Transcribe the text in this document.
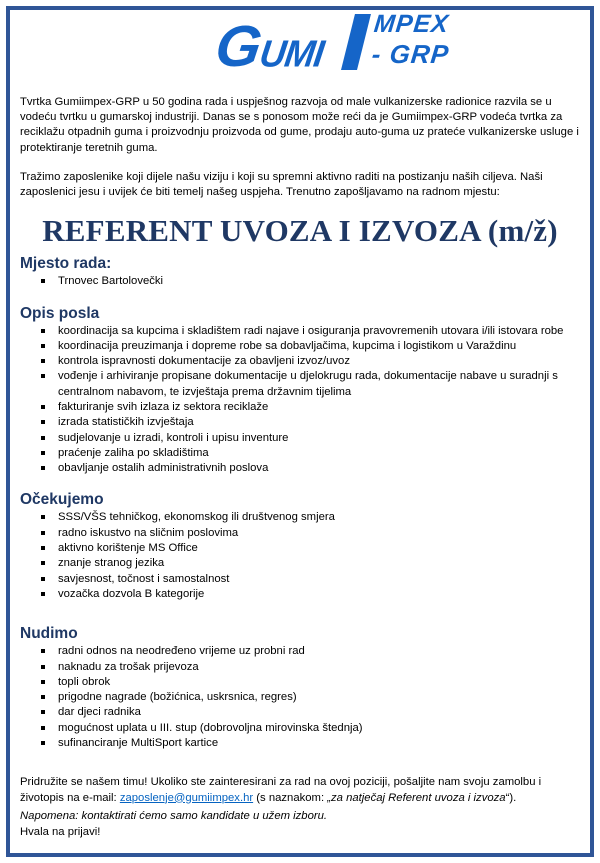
G
UMI
MPEX
- GRP

Tvrtka Gumiimpex-GRP u 50 godina rada i uspješnog razvoja od male vulkanizerske radionice razvila se u vodeću tvrtku u gumarskoj industriji. Danas se s ponosom može reći da je Gumiimpex-GRP vodeća tvrtka za reciklažu otpadnih guma i proizvodnju proizvoda od gume, prodaju auto-guma uz prateće vulkanizerske usluge i protektiranje teretnih guma.

Tražimo zaposlenike koji dijele našu viziju i koji su spremni aktivno raditi na postizanju naših ciljeva. Naši zaposlenici jesu i uvijek će biti temelj našeg uspjeha. Trenutno zapošljavamo na radnom mjestu:

REFERENT UVOZA I IZVOZA (m/ž)
Mjesto rada:
Trnovec Bartolovečki
Opis posla
koordinacija sa kupcima i skladištem radi najave i osiguranja pravovremenih utovara i/ili istovara robe
koordinacija preuzimanja i dopreme robe sa dobavljačima, kupcima i logistikom u Varaždinu
kontrola ispravnosti dokumentacije za obavljeni izvoz/uvoz
vođenje i arhiviranje propisane dokumentacije u djelokrugu rada, dokumentacije nabave u suradnji s centralnom nabavom, te izvještaja prema državnim tijelima
fakturiranje svih izlaza iz sektora reciklaže
izrada statističkih izvještaja
sudjelovanje u izradi, kontroli i upisu inventure
praćenje zaliha po skladištima
obavljanje ostalih administrativnih poslova
Očekujemo
SSS/VŠS tehničkog, ekonomskog ili društvenog smjera
radno iskustvo na sličnim poslovima
aktivno korištenje MS Office
znanje stranog jezika
savjesnost, točnost i samostalnost
vozačka dozvola B kategorije
Nudimo
radni odnos na neodređeno vrijeme uz probni rad
naknadu za trošak prijevoza
topli obrok
prigodne nagrade (božićnica, uskrsnica, regres)
dar djeci radnika
mogućnost uplata u III. stup (dobrovoljna mirovinska štednja)
sufinanciranje MultiSport kartice

Pridružite se našem timu! Ukoliko ste zainteresirani za rad na ovoj poziciji, pošaljite nam svoju zamolbu i životopis na e-mail: zaposlenje@gumiimpex.hr (s naznakom: „za natječaj Referent uvoza i izvoza“).

Napomena: kontaktirati ćemo samo kandidate u užem izboru.

Hvala na prijavi!
